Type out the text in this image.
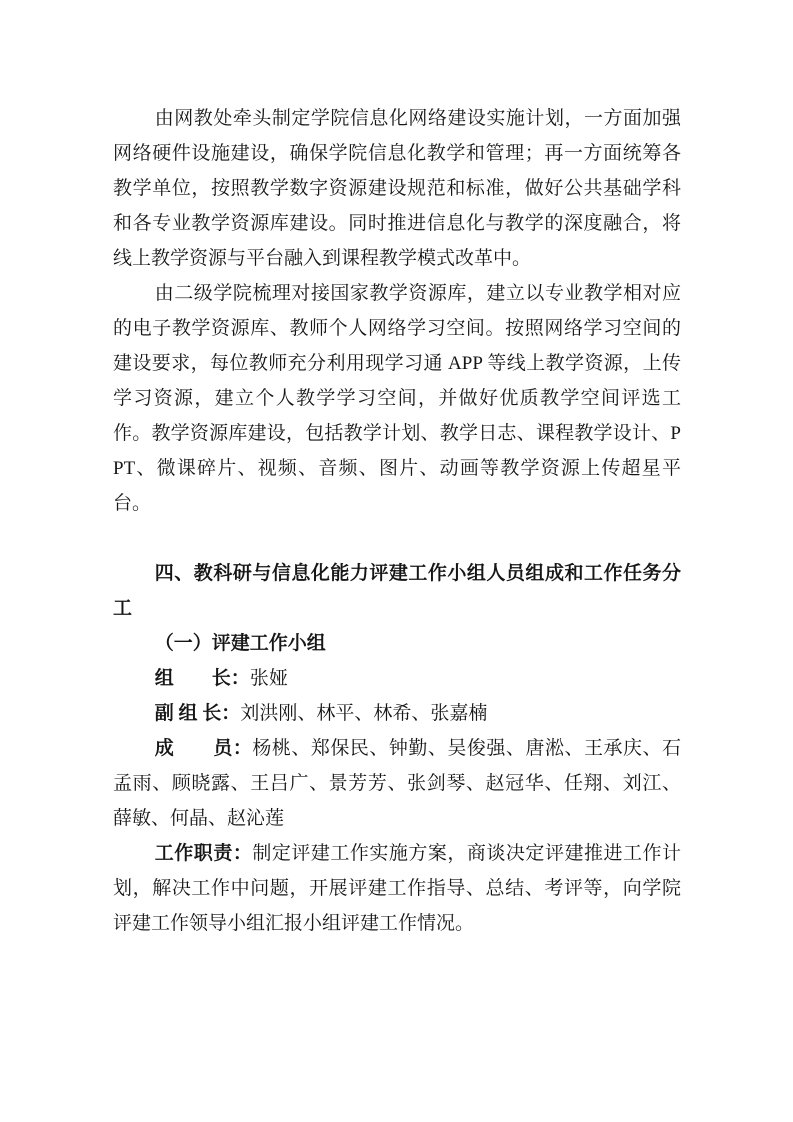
由网教处牵头制定学院信息化网络建设实施计划，一方面加强网络硬件设施建设，确保学院信息化教学和管理；再一方面统筹各教学单位，按照教学数字资源建设规范和标准，做好公共基础学科和各专业教学资源库建设。同时推进信息化与教学的深度融合，将线上教学资源与平台融入到课程教学模式改革中。

由二级学院梳理对接国家教学资源库，建立以专业教学相对应的电子教学资源库、教师个人网络学习空间。按照网络学习空间的建设要求，每位教师充分利用现学习通 APP 等线上教学资源，上传学习资源，建立个人教学学习空间，并做好优质教学空间评选工作。教学资源库建设，包括教学计划、教学日志、课程教学设计、PPT、微课碎片、视频、音频、图片、动画等教学资源上传超星平台。

四、教科研与信息化能力评建工作小组人员组成和工作任务分工
（一）评建工作小组

组　　长：张娅

副 组 长：刘洪刚、林平、林希、张嘉楠

成　　员：杨桃、郑保民、钟勤、吴俊强、唐淞、王承庆、石孟雨、顾晓露、王吕广、景芳芳、张剑琴、赵冠华、任翔、刘江、薛敏、何晶、赵沁莲

工作职责：制定评建工作实施方案，商谈决定评建推进工作计划，解决工作中问题，开展评建工作指导、总结、考评等，向学院评建工作领导小组汇报小组评建工作情况。
